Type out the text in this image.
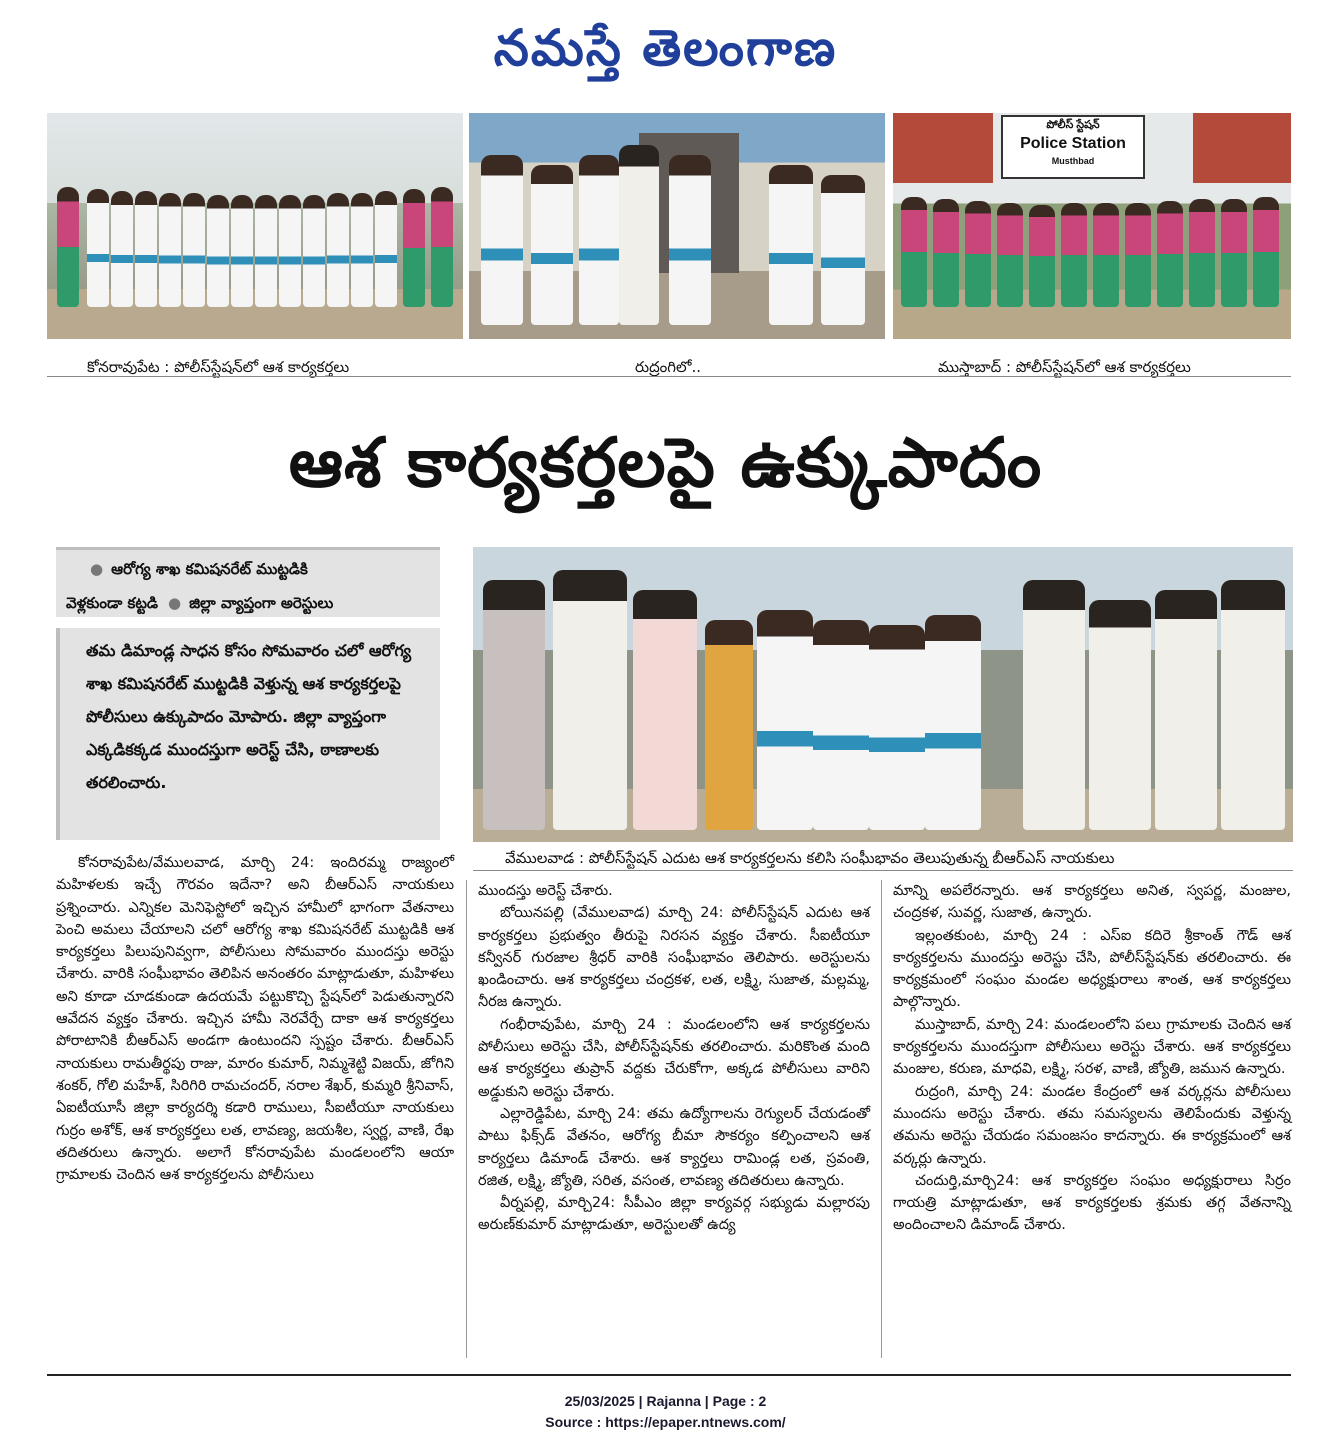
నమస్తే తెలంగాణ
పోలీస్ స్టేషన్
Police Station
Musthbad
కోనరావుపేట : పోలీస్‌స్టేషన్‌లో ఆశ కార్యకర్తలు	రుద్రంగిలో..	ముస్తాబాద్‌ : పోలీస్‌స్టేషన్‌లో ఆశ కార్యకర్తలు
ఆశ కార్యకర్తలపై ఉక్కుపాదం
● ఆరోగ్య శాఖ కమిషనరేట్‌ ముట్టడికి
వెళ్లకుండా కట్టడి ● జిల్లా వ్యాప్తంగా అరెస్టులు
తమ డిమాండ్ల సాధన కోసం సోమవారం చలో ఆరోగ్య శాఖ కమిషనరేట్‌ ముట్టడికి వెళ్తున్న ఆశ కార్యకర్తలపై పోలీసులు ఉక్కుపాదం మోపారు. జిల్లా వ్యాప్తంగా ఎక్కడికక్కడ ముందస్తుగా అరెస్ట్‌ చేసి, ఠాణాలకు తరలించారు.
వేములవాడ : పోలీస్‌స్టేషన్‌ ఎదుట ఆశ కార్యకర్తలను కలిసి సంఘీభావం తెలుపుతున్న బీఆర్‌ఎస్‌ నాయకులు

కోనరావుపేట/వేములవాడ, మార్చి 24: ఇందిరమ్మ రాజ్యంలో మహిళలకు ఇచ్చే గౌరవం ఇదేనా? అని బీఆర్‌ఎస్‌ నాయకులు ప్రశ్నించారు. ఎన్నికల మెనిఫెస్టోలో ఇచ్చిన హామీలో భాగంగా వేతనాలు పెంచి అమలు చేయాలని చలో ఆరోగ్య శాఖ కమిషనరేట్‌ ముట్టడికి ఆశ కార్యకర్తలు పిలుపునివ్వగా, పోలీసులు సోమవారం ముందస్తు అరెస్టు చేశారు. వారికి సంఘీభావం తెలిపిన అనంతరం మాట్లాడుతూ, మహిళలు అని కూడా చూడకుండా ఉదయమే పట్టుకొచ్చి స్టేషన్‌లో పెడుతున్నారని ఆవేదన వ్యక్తం చేశారు. ఇచ్చిన హామీ నెరవేర్చే దాకా ఆశ కార్యకర్తలు పోరాటానికి బీఆర్‌ఎస్‌ అండగా ఉంటుందని స్పష్టం చేశారు. బీఆర్‌ఎస్‌ నాయకులు రామతీర్థపు రాజు, మారం కుమార్‌, నిమ్మశెట్టి విజయ్‌, జోగిని శంకర్‌, గోలి మహేశ్‌, సిరిగిరి రామచందర్‌, నరాల శేఖర్‌, కుమ్మరి శ్రీనివాస్‌, ఏఐటీయూసీ జిల్లా కార్యదర్శి కడారి రాములు, సీఐటీయూ నాయకులు గుర్రం అశోక్‌, ఆశ కార్యకర్తలు లత, లావణ్య, జయశీల, స్వర్ణ, వాణి, రేఖ తదితరులు ఉన్నారు. అలాగే కోనరావుపేట మండలంలోని ఆయా గ్రామాలకు చెందిన ఆశ కార్యకర్తలను పోలీసులు

ముందస్తు అరెస్ట్‌ చేశారు.

బోయినపల్లి (వేములవాడ) మార్చి 24: పోలీస్‌స్టేషన్‌ ఎదుట ఆశ కార్యకర్తలు ప్రభుత్వం తీరుపై నిరసన వ్యక్తం చేశారు. సీఐటీయూ కన్వీనర్‌ గురజాల శ్రీధర్‌ వారికి సంఘీభావం తెలిపారు. అరెస్టులను ఖండించారు. ఆశ కార్యకర్తలు చంద్రకళ, లత, లక్ష్మి, సుజాత, మల్లమ్మ, నీరజ ఉన్నారు.

గంభీరావుపేట, మార్చి 24 : మండలంలోని ఆశ కార్యకర్తలను పోలీసులు అరెస్టు చేసి, పోలీస్‌స్టేషన్‌కు తరలించారు. మరికొంత మంది ఆశ కార్యకర్తలు తుప్రాన్‌ వద్దకు చేరుకోగా, అక్కడ పోలీసులు వారిని అడ్డుకుని అరెస్టు చేశారు.

ఎల్లారెడ్డిపేట, మార్చి 24: తమ ఉద్యోగాలను రెగ్యులర్‌ చేయడంతో పాటు ఫిక్స్‌డ్‌ వేతనం, ఆరోగ్య బీమా సౌకర్యం కల్పించాలని ఆశ కార్యర్తలు డిమాండ్‌ చేశారు. ఆశ క్యార్తలు రామిండ్ల లత, స్రవంతి, రజిత, లక్ష్మి, జ్యోతి, సరిత, వసంత, లావణ్య తదితరులు ఉన్నారు.

వీర్నపల్లి, మార్చి24: సీపీఎం జిల్లా కార్యవర్గ సభ్యుడు మల్లారపు అరుణ్‌కుమార్‌ మాట్లాడుతూ, అరెస్టులతో ఉద్య

మాన్ని అపలేరన్నారు. ఆశ కార్యకర్తలు అనిత, స్వపర్ణ, మంజుల, చంద్రకళ, సువర్ణ, సుజాత, ఉన్నారు.

ఇల్లంతకుంట, మార్చి 24 : ఎస్‌ఐ కదిరె శ్రీకాంత్‌ గౌడ్‌ ఆశ కార్యకర్తలను ముందస్తు అరెస్టు చేసి, పోలీస్‌స్టేషన్‌కు తరలించారు. ఈ కార్యక్రమంలో సంఘం మండల అధ్యక్షురాలు శాంత, ఆశ కార్యకర్తలు పాల్గొన్నారు.

ముస్తాబాద్‌, మార్చి 24: మండలంలోని పలు గ్రామాలకు చెందిన ఆశ కార్యకర్తలను ముందస్తుగా పోలీసులు అరెస్టు చేశారు. ఆశ కార్యకర్తలు మంజుల, కరుణ, మాధవి, లక్ష్మి, సరళ, వాణి, జ్యోతి, జమున ఉన్నారు.

రుద్రంగి, మార్చి 24: మండల కేంద్రంలో ఆశ వర్కర్లను పోలీసులు ముందసు అరెస్టు చేశారు. తమ సమస్యలను తెలిపేందుకు వెళ్తున్న తమను అరెస్టు చేయడం సమంజసం కాదన్నారు. ఈ కార్యక్రమంలో ఆశ వర్కర్లు ఉన్నారు.

చందుర్తి,మార్చి24: ఆశ కార్యకర్తల సంఘం అధ్యక్షురాలు సిర్రం గాయత్రి మాట్లాడుతూ, ఆశ కార్యకర్తలకు శ్రమకు తగ్గ వేతనాన్ని అందించాలని డిమాండ్‌ చేశారు.

25/03/2025 | Rajanna | Page : 2
Source : https://epaper.ntnews.com/
